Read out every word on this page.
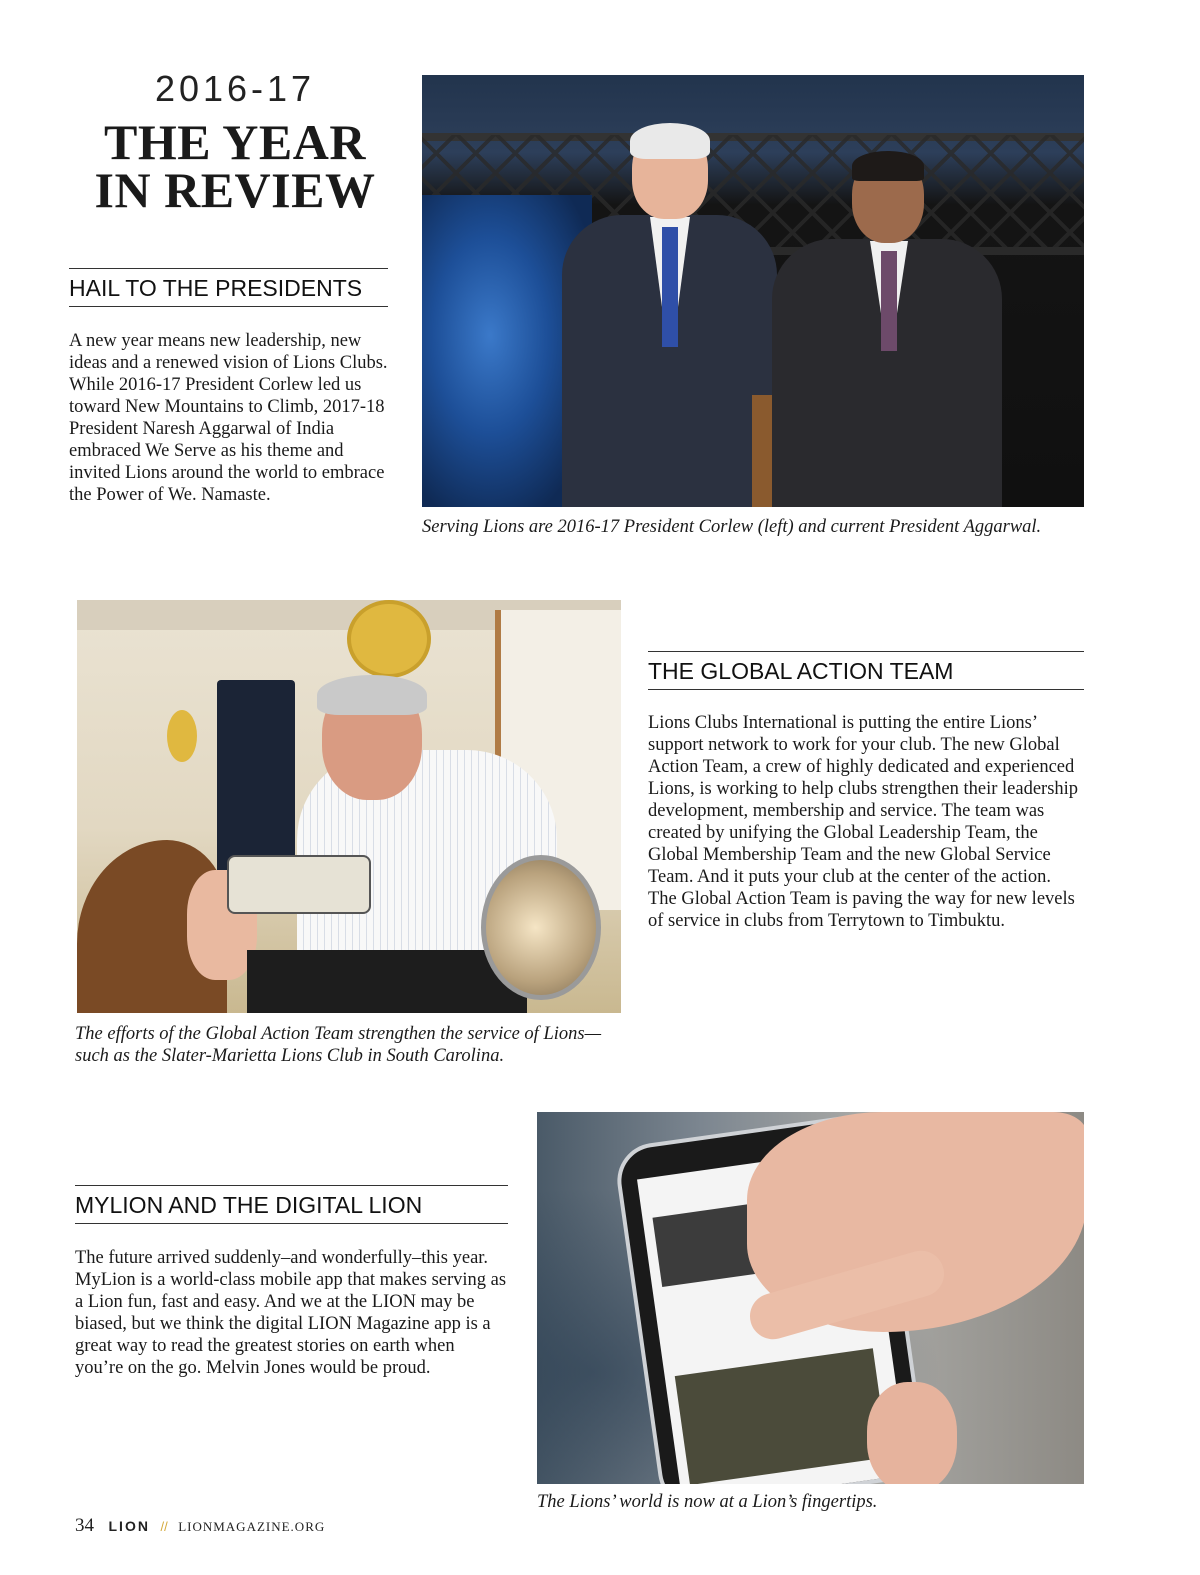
2016-17
THE YEAR
IN REVIEW
HAIL TO THE PRESIDENTS
A new year means new leadership, new ideas and a renewed vision of Lions Clubs. While 2016-17 President Corlew led us toward New Mountains to Climb, 2017-18 President Naresh Aggarwal of India embraced We Serve as his theme and invited Lions around the world to embrace the Power of We. Namaste.
Serving Lions are 2016-17 President Corlew (left) and current President Aggarwal.
The efforts of the Global Action Team strengthen the service of Lions—such as the Slater-Marietta Lions Club in South Carolina.
THE GLOBAL ACTION TEAM
Lions Clubs International is putting the entire Lions’ support network to work for your club. The new Global Action Team, a crew of highly dedicated and experienced Lions, is working to help clubs strengthen their leadership development, membership and service. The team was created by unifying the Global Leadership Team, the Global Membership Team and the new Global Service Team. And it puts your club at the center of the action. The Global Action Team is paving the way for new levels of service in clubs from Terrytown to Timbuktu.
MYLION AND THE DIGITAL LION
The future arrived suddenly–and wonderfully–this year. MyLion is a world-class mobile app that makes serving as a Lion fun, fast and easy. And we at the LION may be biased, but we think the digital LION Magazine app is a great way to read the greatest stories on earth when you’re on the go. Melvin Jones would be proud.
The Lions’ world is now at a Lion’s fingertips.
34 LION // LIONMAGAZINE.ORG
